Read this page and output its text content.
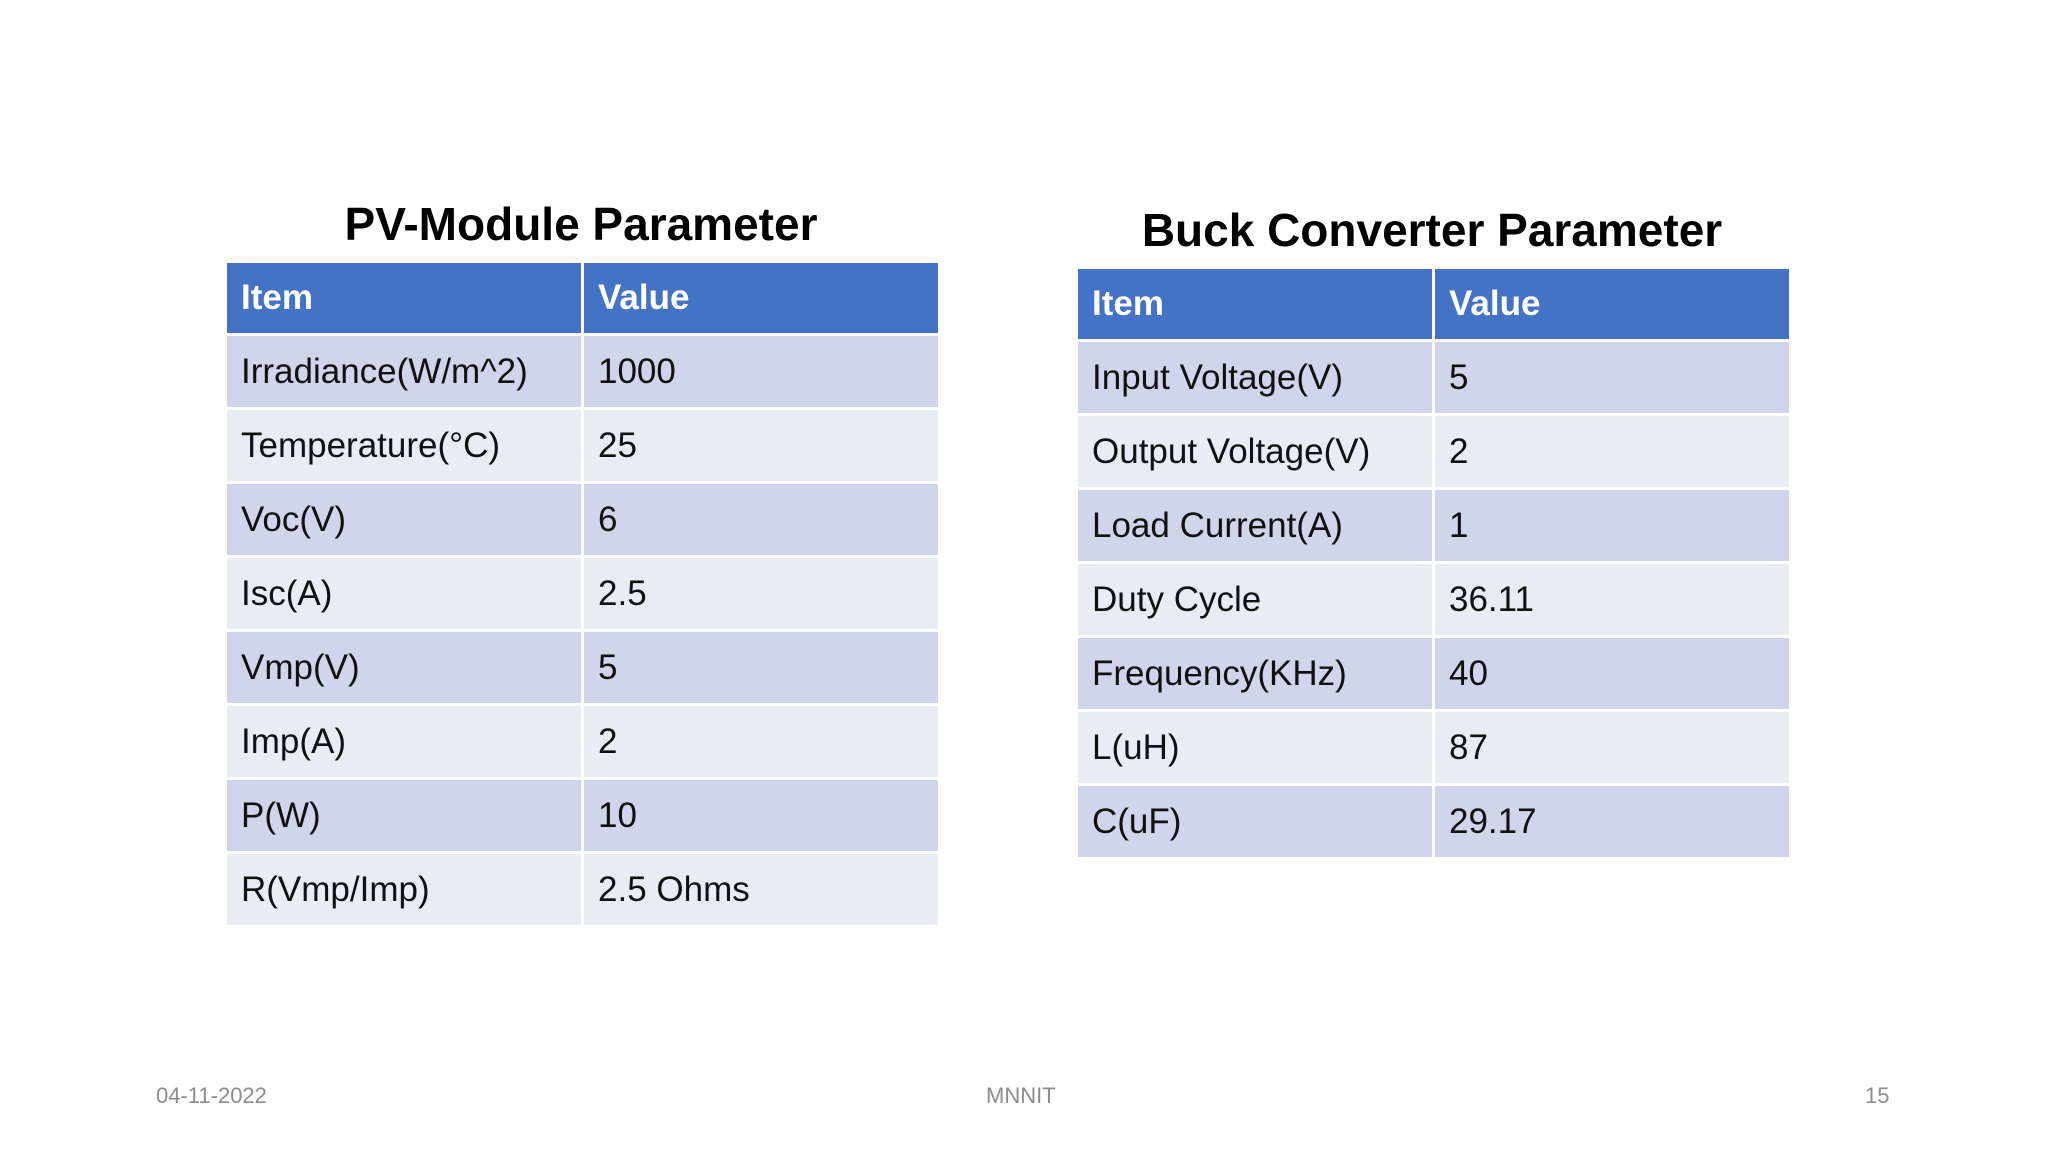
PV-Module Parameter
Item	Value
Irradiance(W/m^2)	1000
Temperature(°C)	25
Voc(V)	6
Isc(A)	2.5
Vmp(V)	5
Imp(A)	2
P(W)	10
R(Vmp/Imp)	2.5 Ohms
Buck Converter Parameter
Item	Value
Input Voltage(V)	5
Output Voltage(V)	2
Load Current(A)	1
Duty Cycle	36.11
Frequency(KHz)	40
L(uH)	87
C(uF)	29.17
04-11-2022	MNNIT	15
